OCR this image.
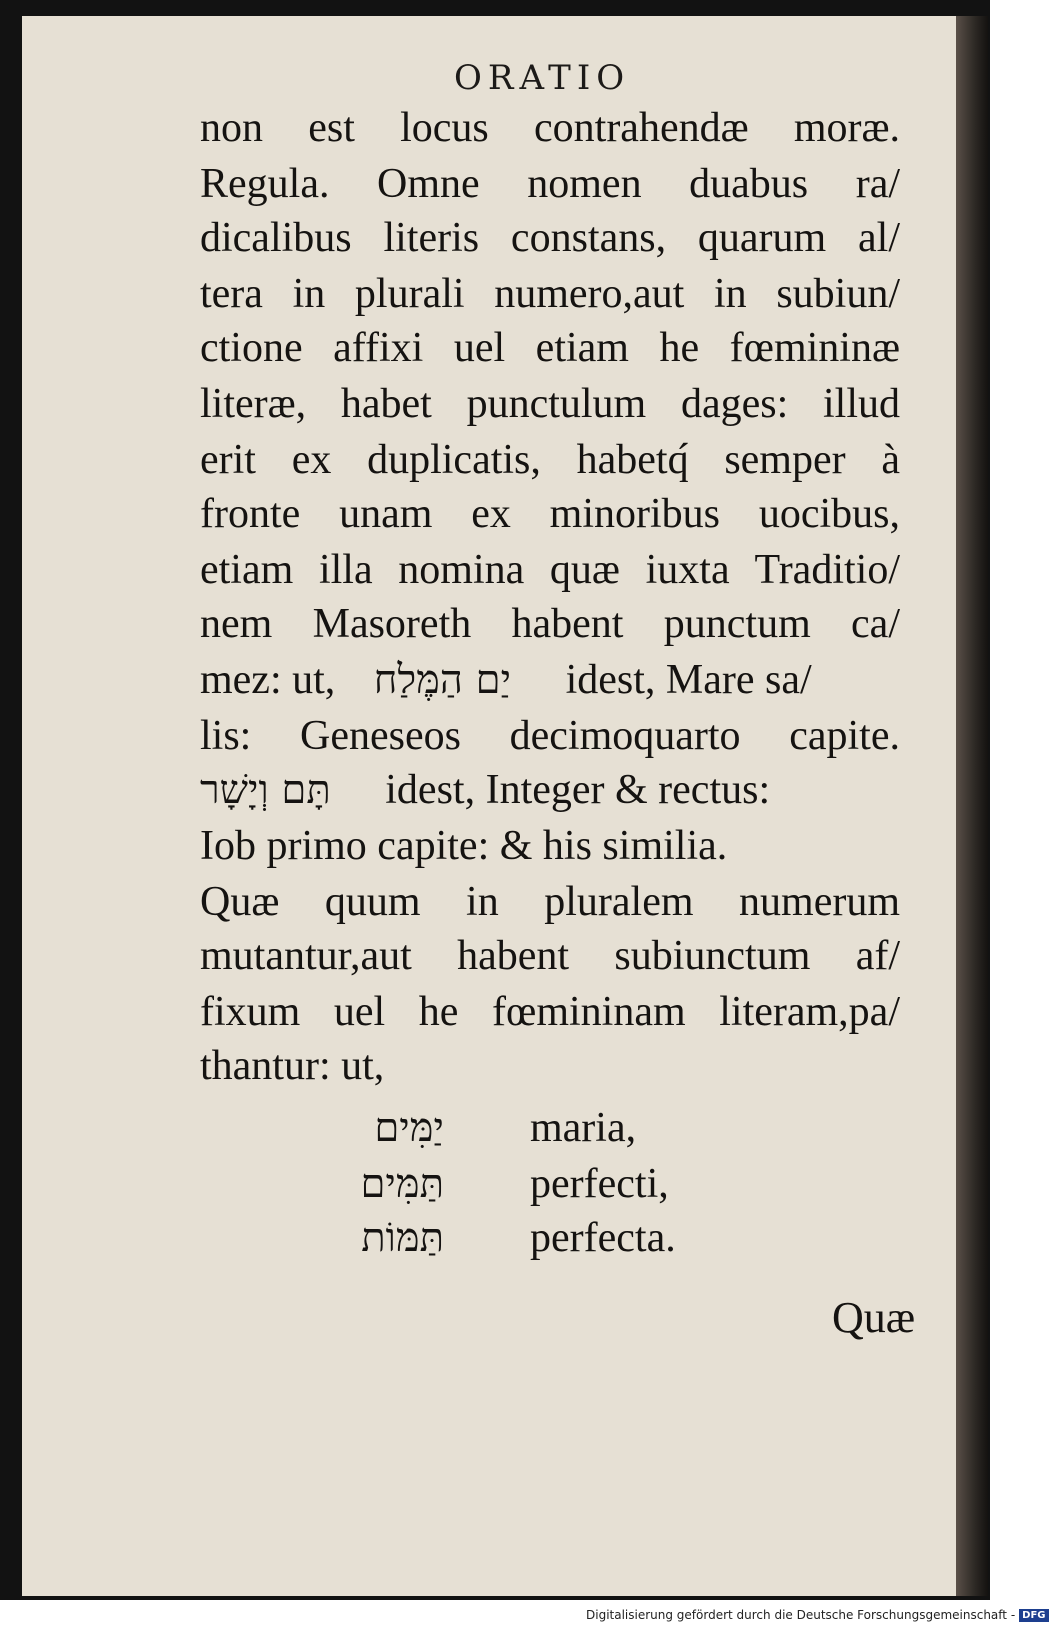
ORATIO
non est locus contrahendæ moræ.
Regula. Omne nomen duabus ra/
dicalibus literis constans, quarum al/
tera in plurali numero,aut in subiun/
ctione affixi uel etiam he fœmininæ
literæ, habet punctulum dages: illud
erit ex duplicatis, habetq́ semper à
fronte unam ex minoribus uocibus,
etiam illa nomina quæ iuxta Traditio/
nem Masoreth habent punctum ca/
mez: ut, יַם הַמֶּלַח idest, Mare sa/
lis: Geneseos decimoquarto capite.
תָּם וְיָשָׁר idest, Integer & rectus:
Iob primo capite: & his similia.
Quæ quum in pluralem numerum
mutantur,aut habent subiunctum af/
fixum uel he fœmininam literam,pa/
thantur: ut,
יַמִּים maria,
תַּמִּים perfecti,
תַּמּוֹת perfecta.
Quæ
Digitalisierung gefördert durch die Deutsche Forschungsgemeinschaft - DFG
